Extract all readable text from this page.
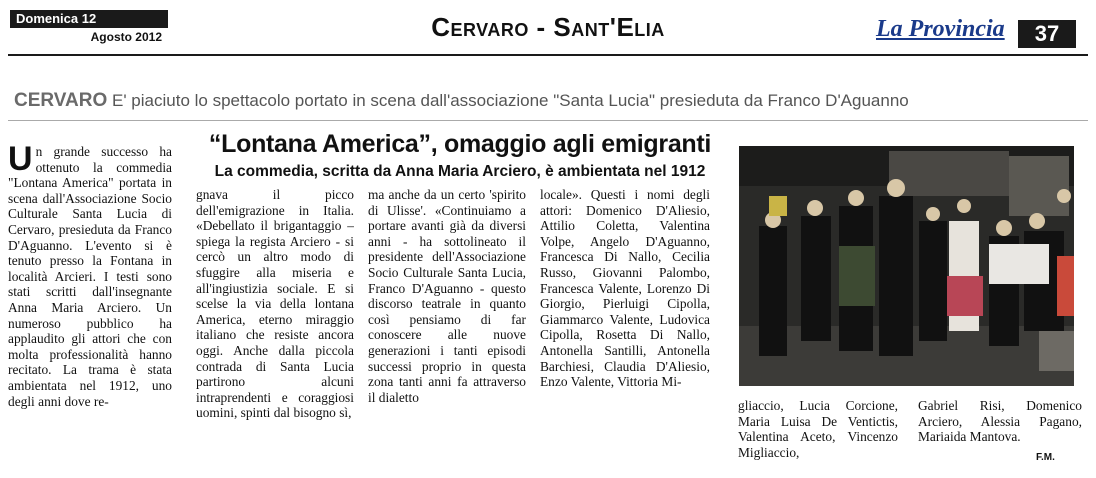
Domenica 12
Agosto 2012	Cervaro - Sant'Elia	La Provincia	37
CERVARO E' piaciuto lo spettacolo portato in scena dall'associazione "Santa Lucia" presieduta da Franco D'Aguanno
“Lontana America”, omaggio agli emigranti
La commedia, scritta da Anna Maria Arciero, è ambientata nel 1912
Un grande successo ha ottenuto la commedia "Lontana America" portata in scena dall'Associazione Socio Culturale Santa Lucia di Cervaro, presieduta da Franco D'Aguanno. L'evento si è tenuto presso la Fontana in località Arcieri. I testi sono stati scritti dall'insegnante Anna Maria Arciero. Un numeroso pubblico ha applaudito gli attori che con molta professionalità hanno recitato. La trama è stata ambientata nel 1912, uno degli anni dove re-
gnava il picco dell'emigrazione in Italia. «Debellato il brigantaggio – spiega la regista Arciero - si cercò un altro modo di sfuggire alla miseria e all'ingiustizia sociale. E si scelse la via della lontana America, eterno miraggio italiano che resiste ancora oggi. Anche dalla piccola contrada di Santa Lucia partirono alcuni intraprendenti e coraggiosi uomini, spinti dal bisogno sì,
ma anche da un certo 'spirito di Ulisse'. «Continuiamo a portare avanti già da diversi anni - ha sottolineato il presidente dell'Associazione Socio Culturale Santa Lucia, Franco D'Aguanno - questo discorso teatrale in quanto così pensiamo di far conoscere alle nuove generazioni i tanti episodi successi proprio in questa zona tanti anni fa attraverso il dialetto
locale». Questi i nomi degli attori: Domenico D'Aliesio, Attilio Coletta, Valentina Volpe, Angelo D'Aguanno, Francesca Di Nallo, Cecilia Russo, Giovanni Palombo, Francesca Valente, Lorenzo Di Giorgio, Pierluigi Cipolla, Giammarco Valente, Ludovica Cipolla, Rosetta Di Nallo, Antonella Santilli, Antonella Barchiesi, Claudia D'Aliesio, Enzo Valente, Vittoria Mi-
gliaccio, Lucia Corcione, Maria Luisa De Ventictis, Valentina Aceto, Vincenzo Migliaccio,
Gabriel Risi, Domenico Arciero, Alessia Pagano, Mariaida Mantova.
F.M.
